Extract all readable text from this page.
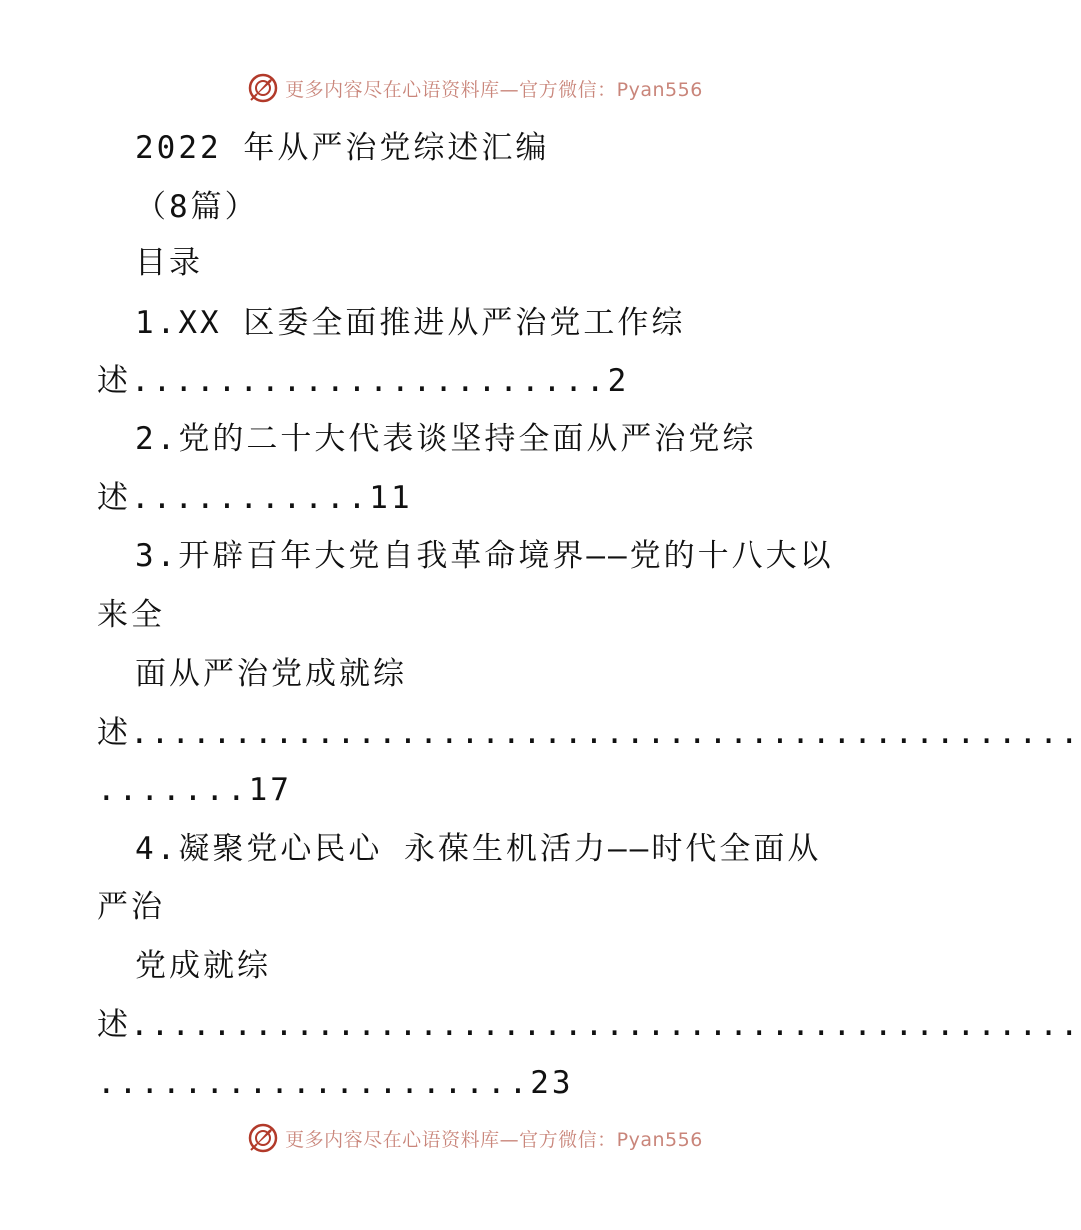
更多内容尽在心语资料库—官方微信：Pyan556
2022 年从严治党综述汇编
（8篇）
目录
1.XX 区委全面推进从严治党工作综
述......................2
2.党的二十大代表谈坚持全面从严治党综
述...........11
3.开辟百年大党自我革命境界——党的十八大以
来全
面从严治党成就综
述..............................................
.......17
4.凝聚党心民心 永葆生机活力——时代全面从
严治
党成就综
述..............................................
....................23
更多内容尽在心语资料库—官方微信：Pyan556
